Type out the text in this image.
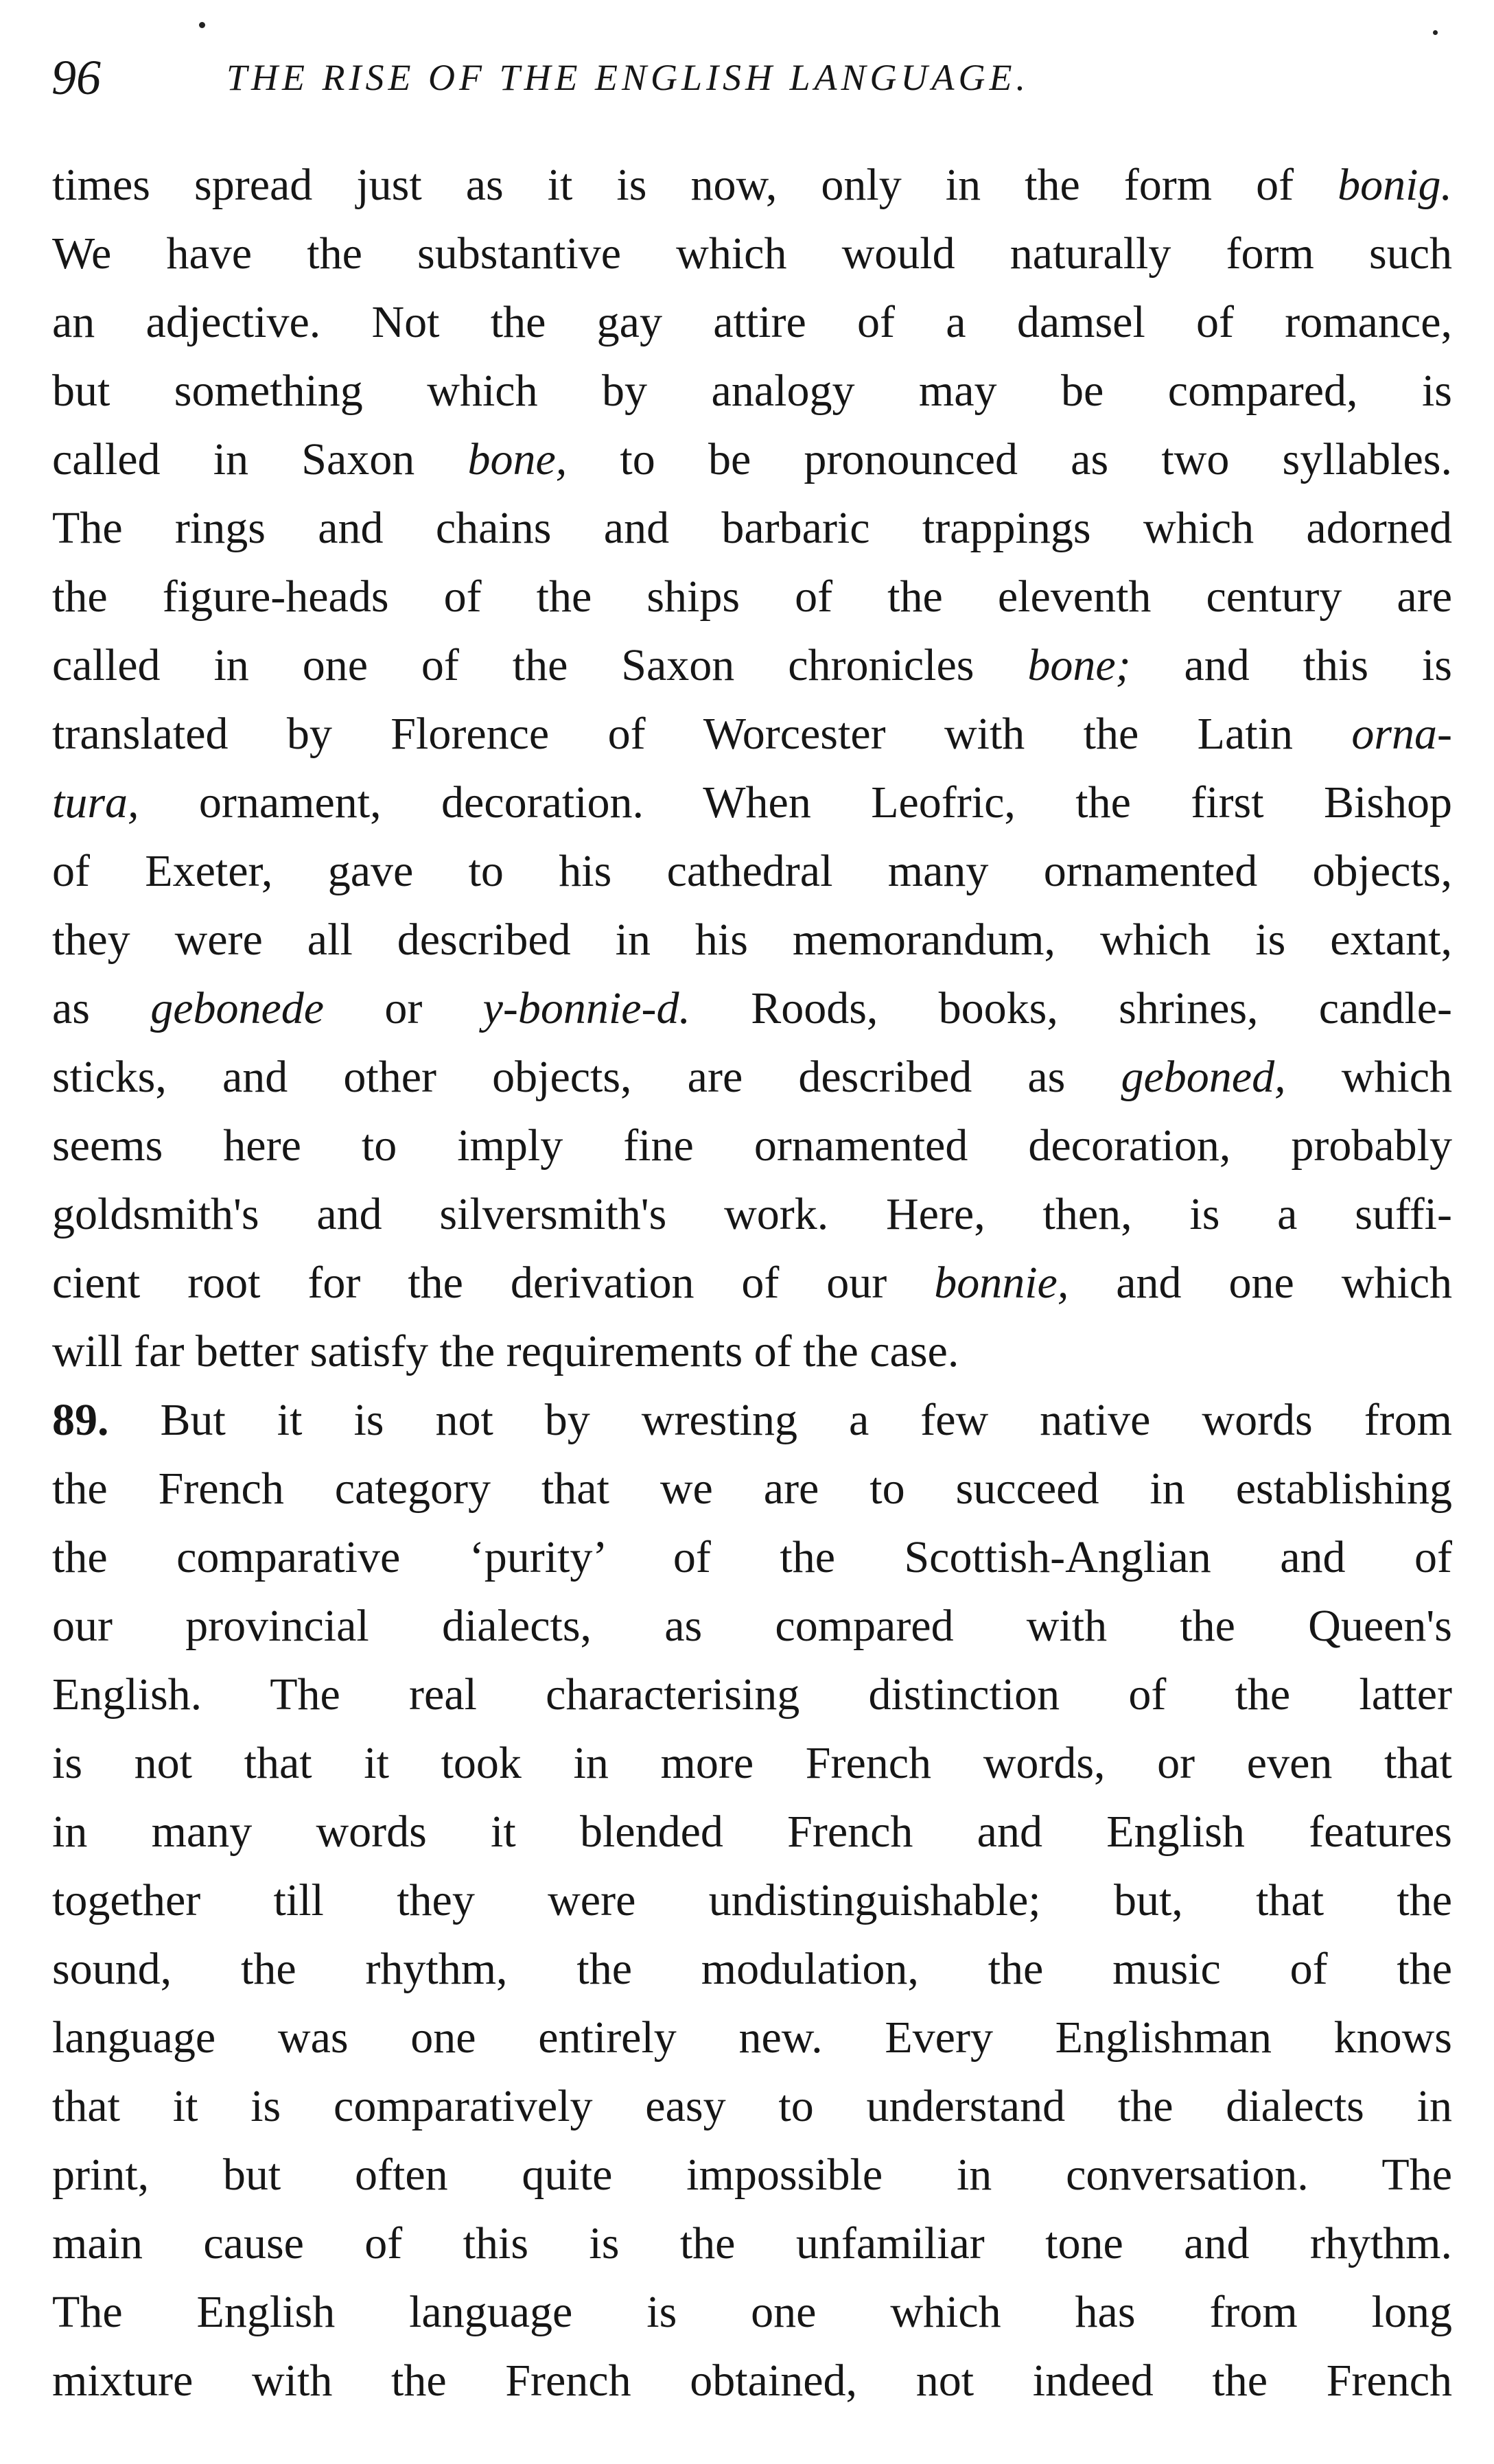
96	THE RISE OF THE ENGLISH LANGUAGE.
times spread just as it is now, only in the form of bonig.
We have the substantive which would naturally form such
an adjective. Not the gay attire of a damsel of romance,
but something which by analogy may be compared, is
called in Saxon bone, to be pronounced as two syllables.
The rings and chains and barbaric trappings which adorned
the figure-heads of the ships of the eleventh century are
called in one of the Saxon chronicles bone; and this is
translated by Florence of Worcester with the Latin orna-
tura, ornament, decoration. When Leofric, the first Bishop
of Exeter, gave to his cathedral many ornamented objects,
they were all described in his memorandum, which is extant,
as gebonede or y-bonnie-d. Roods, books, shrines, candle-
sticks, and other objects, are described as geboned, which
seems here to imply fine ornamented decoration, probably
goldsmith's and silversmith's work. Here, then, is a suffi-
cient root for the derivation of our bonnie, and one which
will far better satisfy the requirements of the case.
89. But it is not by wresting a few native words from
the French category that we are to succeed in establishing
the comparative ‘purity’ of the Scottish-Anglian and of
our provincial dialects, as compared with the Queen's
English. The real characterising distinction of the latter
is not that it took in more French words, or even that
in many words it blended French and English features
together till they were undistinguishable; but, that the
sound, the rhythm, the modulation, the music of the
language was one entirely new. Every Englishman knows
that it is comparatively easy to understand the dialects in
print, but often quite impossible in conversation. The
main cause of this is the unfamiliar tone and rhythm.
The English language is one which has from long
mixture with the French obtained, not indeed the French
